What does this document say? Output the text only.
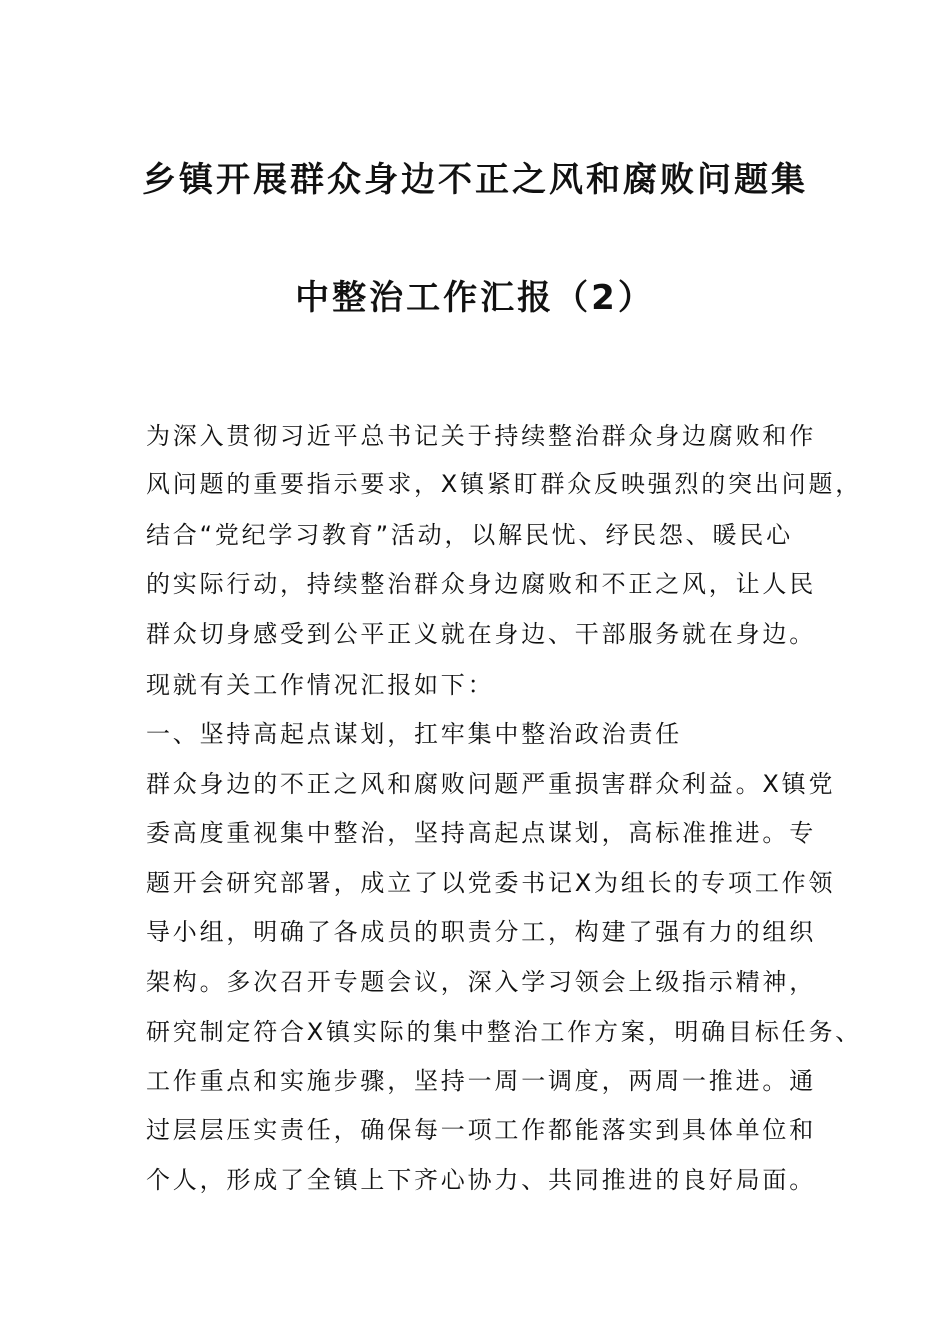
乡镇开展群众身边不正之风和腐败问题集
中整治工作汇报（2）
为深入贯彻习近平总书记关于持续整治群众身边腐败和作
风问题的重要指示要求，X镇紧盯群众反映强烈的突出问题，
结合“党纪学习教育”活动，以解民忧、纾民怨、暖民心
的实际行动，持续整治群众身边腐败和不正之风，让人民
群众切身感受到公平正义就在身边、干部服务就在身边。
现就有关工作情况汇报如下：
一、坚持高起点谋划，扛牢集中整治政治责任
群众身边的不正之风和腐败问题严重损害群众利益。X镇党
委高度重视集中整治，坚持高起点谋划，高标准推进。专
题开会研究部署，成立了以党委书记X为组长的专项工作领
导小组，明确了各成员的职责分工，构建了强有力的组织
架构。多次召开专题会议，深入学习领会上级指示精神，
研究制定符合X镇实际的集中整治工作方案，明确目标任务、
工作重点和实施步骤，坚持一周一调度，两周一推进。通
过层层压实责任，确保每一项工作都能落实到具体单位和
个人，形成了全镇上下齐心协力、共同推进的良好局面。
